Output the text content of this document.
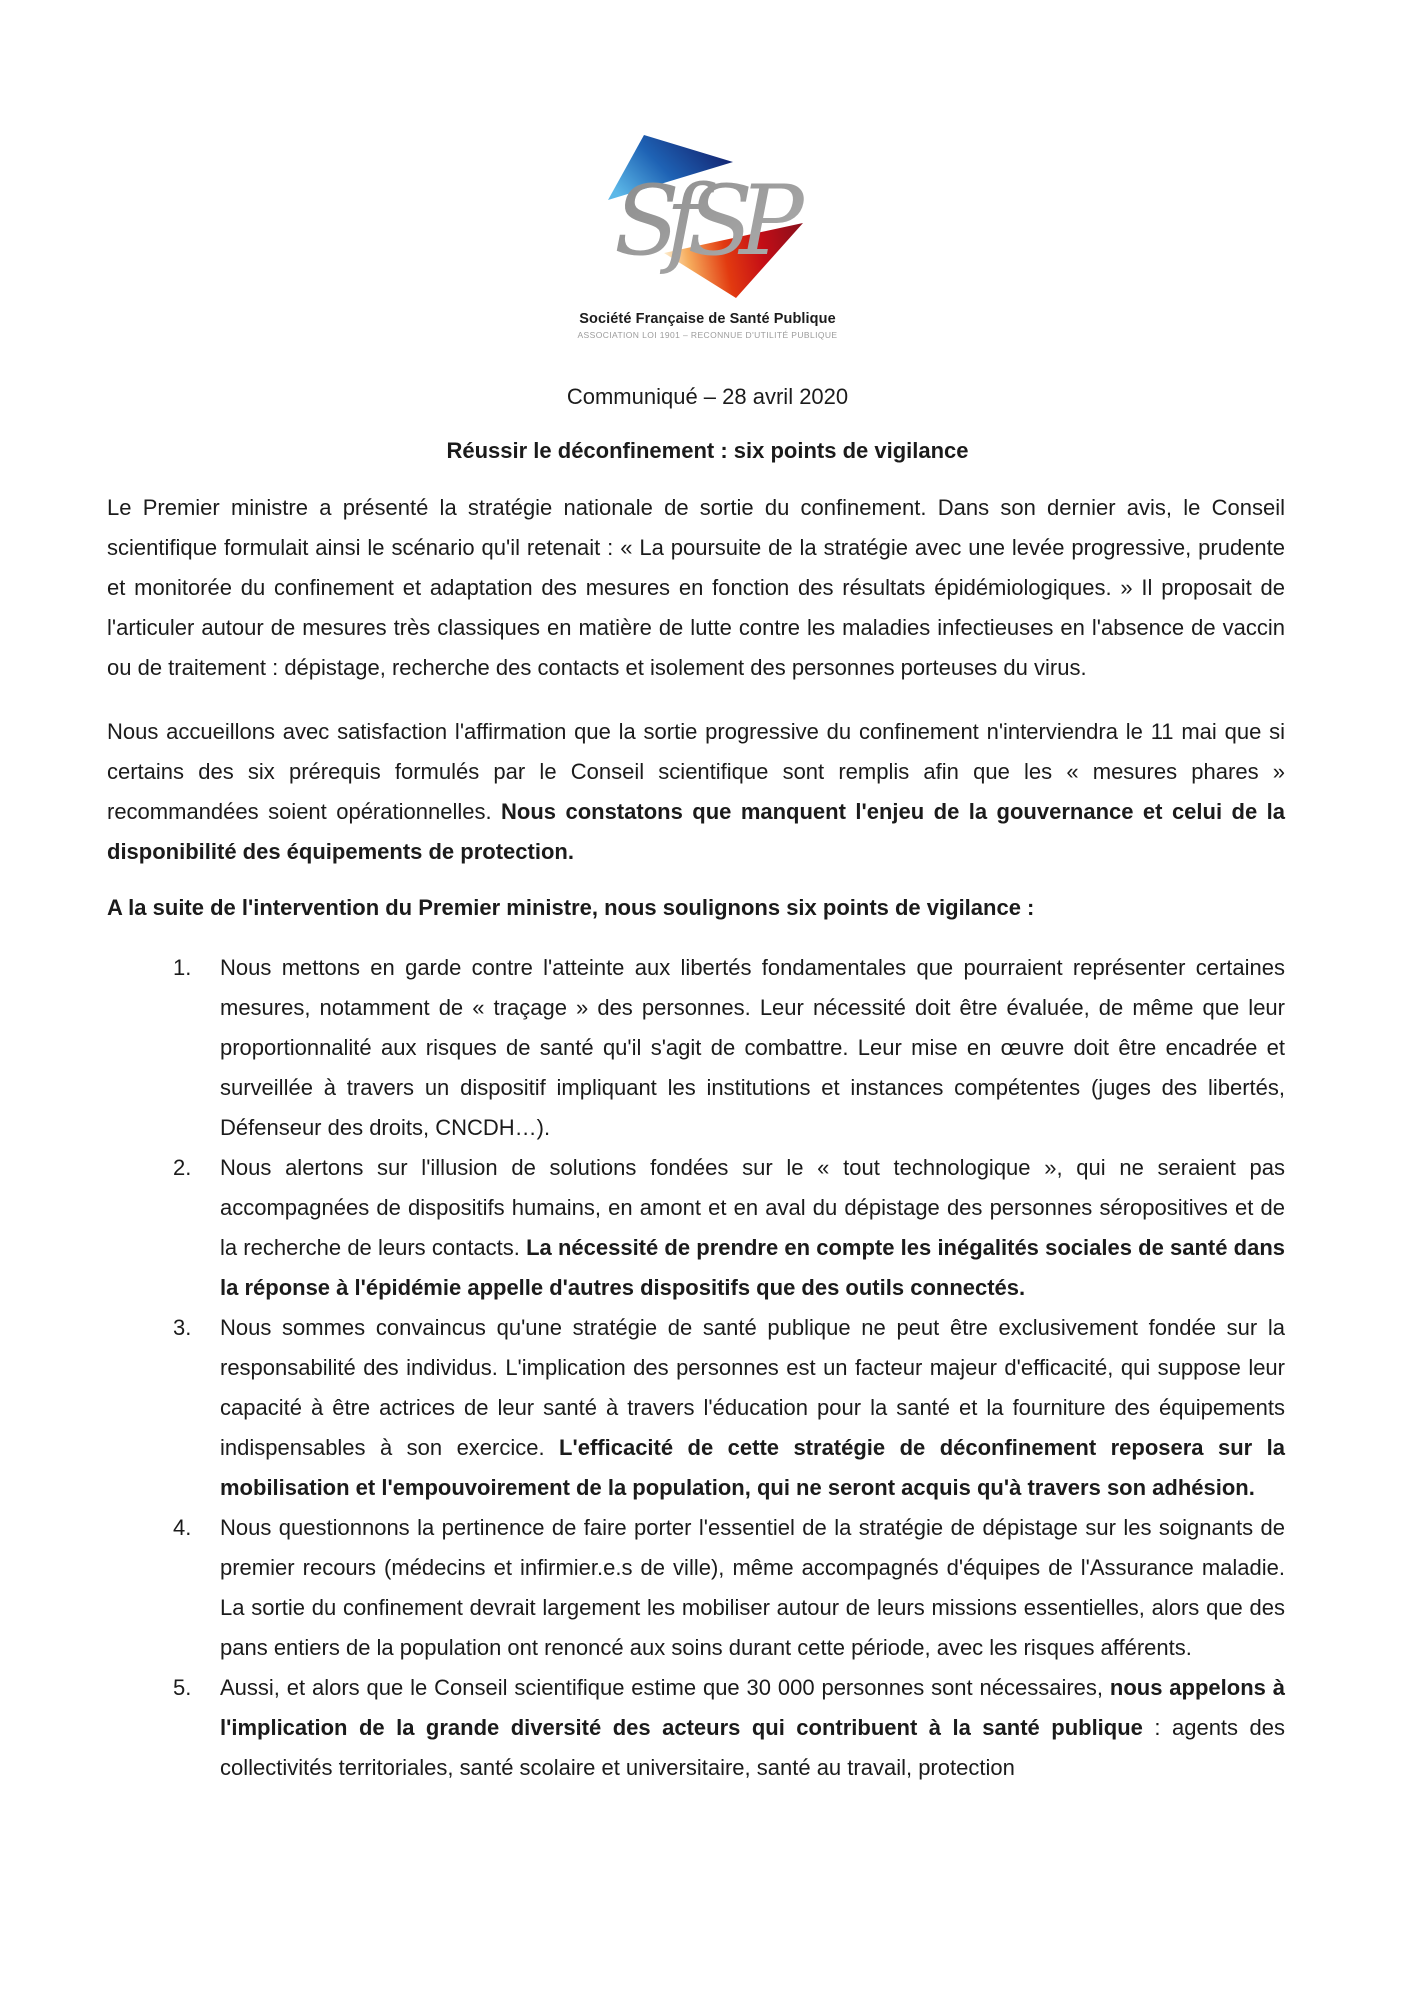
SfSP
Société Française de Santé Publique
ASSOCIATION LOI 1901 – RECONNUE D'UTILITÉ PUBLIQUE

Communiqué – 28 avril 2020

Réussir le déconfinement : six points de vigilance

Le Premier ministre a présenté la stratégie nationale de sortie du confinement. Dans son dernier avis, le Conseil scientifique formulait ainsi le scénario qu'il retenait : « La poursuite de la stratégie avec une levée progressive, prudente et monitorée du confinement et adaptation des mesures en fonction des résultats épidémiologiques. » Il proposait de l'articuler autour de mesures très classiques en matière de lutte contre les maladies infectieuses en l'absence de vaccin ou de traitement : dépistage, recherche des contacts et isolement des personnes porteuses du virus.

Nous accueillons avec satisfaction l'affirmation que la sortie progressive du confinement n'interviendra le 11 mai que si certains des six prérequis formulés par le Conseil scientifique sont remplis afin que les « mesures phares » recommandées soient opérationnelles. Nous constatons que manquent l'enjeu de la gouvernance et celui de la disponibilité des équipements de protection.

A la suite de l'intervention du Premier ministre, nous soulignons six points de vigilance :

1.	Nous mettons en garde contre l'atteinte aux libertés fondamentales que pourraient représenter certaines mesures, notamment de « traçage » des personnes. Leur nécessité doit être évaluée, de même que leur proportionnalité aux risques de santé qu'il s'agit de combattre. Leur mise en œuvre doit être encadrée et surveillée à travers un dispositif impliquant les institutions et instances compétentes (juges des libertés, Défenseur des droits, CNCDH…).
2.	Nous alertons sur l'illusion de solutions fondées sur le « tout technologique », qui ne seraient pas accompagnées de dispositifs humains, en amont et en aval du dépistage des personnes séropositives et de la recherche de leurs contacts. La nécessité de prendre en compte les inégalités sociales de santé dans la réponse à l'épidémie appelle d'autres dispositifs que des outils connectés.
3.	Nous sommes convaincus qu'une stratégie de santé publique ne peut être exclusivement fondée sur la responsabilité des individus. L'implication des personnes est un facteur majeur d'efficacité, qui suppose leur capacité à être actrices de leur santé à travers l'éducation pour la santé et la fourniture des équipements indispensables à son exercice. L'efficacité de cette stratégie de déconfinement reposera sur la mobilisation et l'empouvoirement de la population, qui ne seront acquis qu'à travers son adhésion.
4.	Nous questionnons la pertinence de faire porter l'essentiel de la stratégie de dépistage sur les soignants de premier recours (médecins et infirmier.e.s de ville), même accompagnés d'équipes de l'Assurance maladie. La sortie du confinement devrait largement les mobiliser autour de leurs missions essentielles, alors que des pans entiers de la population ont renoncé aux soins durant cette période, avec les risques afférents.
5.	Aussi, et alors que le Conseil scientifique estime que 30 000 personnes sont nécessaires, nous appelons à l'implication de la grande diversité des acteurs qui contribuent à la santé publique : agents des collectivités territoriales, santé scolaire et universitaire, santé au travail, protection
